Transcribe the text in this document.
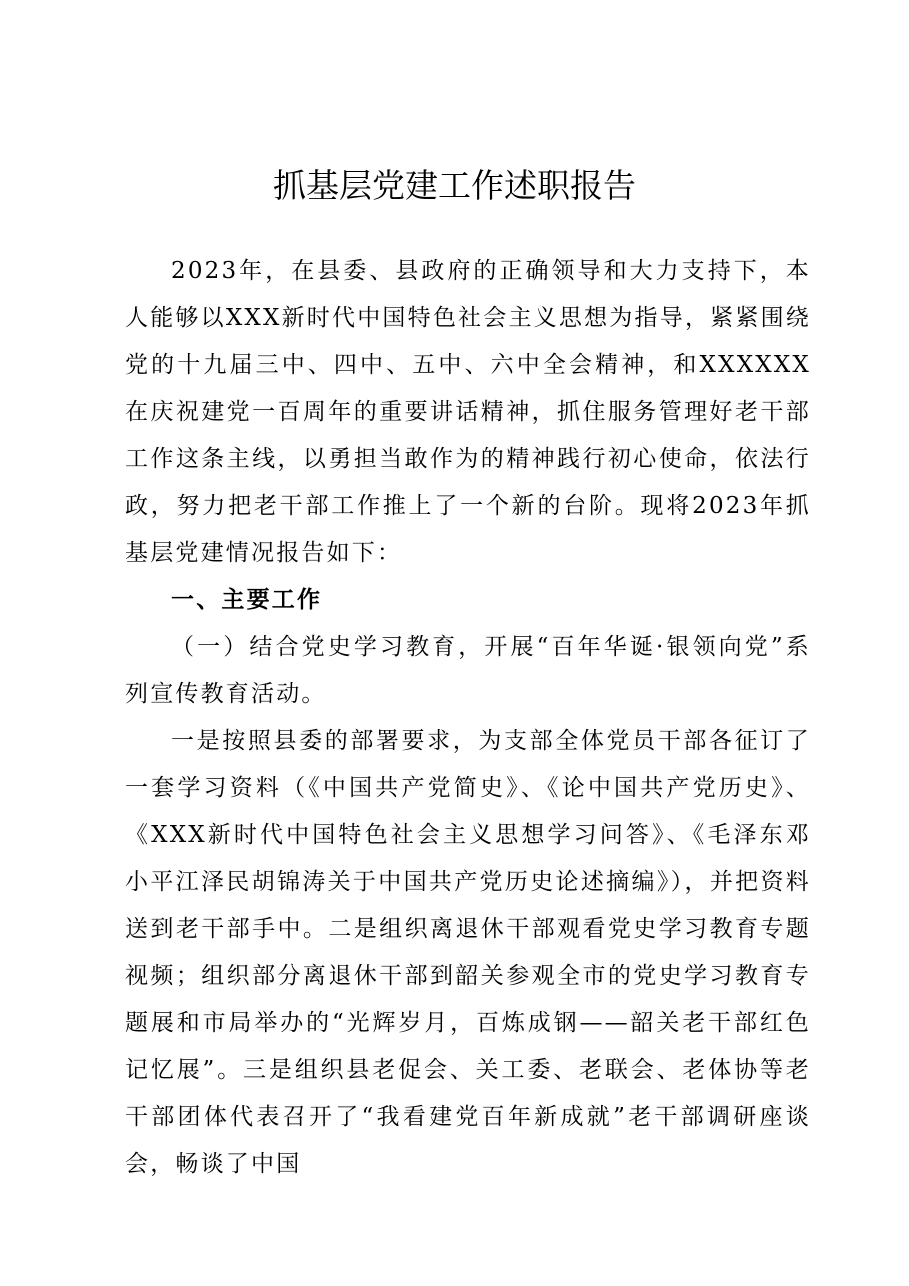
抓基层党建工作述职报告

2023年，在县委、县政府的正确领导和大力支持下，本人能够以XXX新时代中国特色社会主义思想为指导，紧紧围绕党的十九届三中、四中、五中、六中全会精神，和XXXXXX在庆祝建党一百周年的重要讲话精神，抓住服务管理好老干部工作这条主线，以勇担当敢作为的精神践行初心使命，依法行政，努力把老干部工作推上了一个新的台阶。现将2023年抓基层党建情况报告如下：

一、主要工作

（一）结合党史学习教育，开展“百年华诞·银领向党”系列宣传教育活动。

一是按照县委的部署要求，为支部全体党员干部各征订了一套学习资料（《中国共产党简史》、《论中国共产党历史》、《XXX新时代中国特色社会主义思想学习问答》、《毛泽东邓小平江泽民胡锦涛关于中国共产党历史论述摘编》），并把资料送到老干部手中。二是组织离退休干部观看党史学习教育专题视频；组织部分离退休干部到韶关参观全市的党史学习教育专题展和市局举办的“光辉岁月，百炼成钢——韶关老干部红色记忆展”。三是组织县老促会、关工委、老联会、老体协等老干部团体代表召开了“我看建党百年新成就”老干部调研座谈会，畅谈了中国
